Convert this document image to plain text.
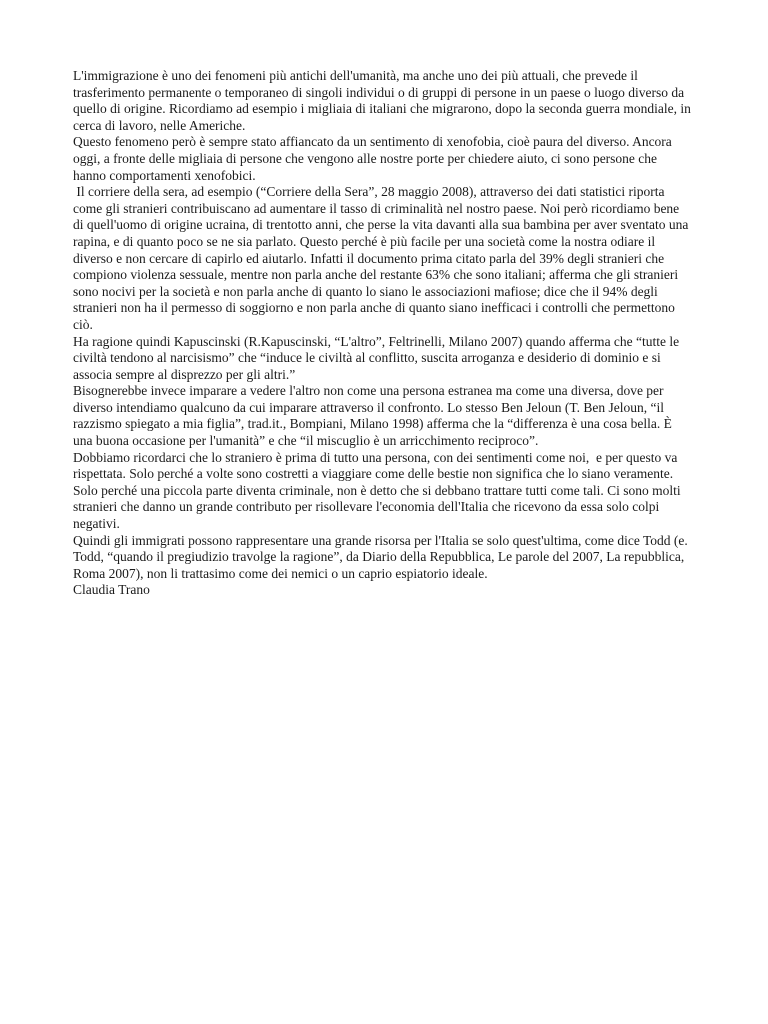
L'immigrazione è uno dei fenomeni più antichi dell'umanità, ma anche uno dei più attuali, che prevede il trasferimento permanente o temporaneo di singoli individui o di gruppi di persone in un paese o luogo diverso da quello di origine. Ricordiamo ad esempio i migliaia di italiani che migrarono, dopo la seconda guerra mondiale, in cerca di lavoro, nelle Americhe.

Questo fenomeno però è sempre stato affiancato da un sentimento di xenofobia, cioè paura del diverso. Ancora oggi, a fronte delle migliaia di persone che vengono alle nostre porte per chiedere aiuto, ci sono persone che hanno comportamenti xenofobici.

Il corriere della sera, ad esempio (“Corriere della Sera”, 28 maggio 2008), attraverso dei dati statistici riporta come gli stranieri contribuiscano ad aumentare il tasso di criminalità nel nostro paese. Noi però ricordiamo bene di quell'uomo di origine ucraina, di trentotto anni, che perse la vita davanti alla sua bambina per aver sventato una rapina, e di quanto poco se ne sia parlato. Questo perché è più facile per una società come la nostra odiare il diverso e non cercare di capirlo ed aiutarlo. Infatti il documento prima citato parla del 39% degli stranieri che compiono violenza sessuale, mentre non parla anche del restante 63% che sono italiani; afferma che gli stranieri sono nocivi per la società e non parla anche di quanto lo siano le associazioni mafiose; dice che il 94% degli stranieri non ha il permesso di soggiorno e non parla anche di quanto siano inefficaci i controlli che permettono ciò.

Ha ragione quindi Kapuscinski (R.Kapuscinski, “L'altro”, Feltrinelli, Milano 2007) quando afferma che “tutte le civiltà tendono al narcisismo” che “induce le civiltà al conflitto, suscita arroganza e desiderio di dominio e si associa sempre al disprezzo per gli altri.”

Bisognerebbe invece imparare a vedere l'altro non come una persona estranea ma come una diversa, dove per diverso intendiamo qualcuno da cui imparare attraverso il confronto. Lo stesso Ben Jeloun (T. Ben Jeloun, “il razzismo spiegato a mia figlia”, trad.it., Bompiani, Milano 1998) afferma che la “differenza è una cosa bella. È una buona occasione per l'umanità” e che “il miscuglio è un arricchimento reciproco”.

Dobbiamo ricordarci che lo straniero è prima di tutto una persona, con dei sentimenti come noi,  e per questo va rispettata. Solo perché a volte sono costretti a viaggiare come delle bestie non significa che lo siano veramente. Solo perché una piccola parte diventa criminale, non è detto che si debbano trattare tutti come tali. Ci sono molti stranieri che danno un grande contributo per risollevare l'economia dell'Italia che ricevono da essa solo colpi negativi.

Quindi gli immigrati possono rappresentare una grande risorsa per l'Italia se solo quest'ultima, come dice Todd (e. Todd, “quando il pregiudizio travolge la ragione”, da Diario della Repubblica, Le parole del 2007, La repubblica, Roma 2007), non li trattasimo come dei nemici o un caprio espiatorio ideale.

Claudia Trano
